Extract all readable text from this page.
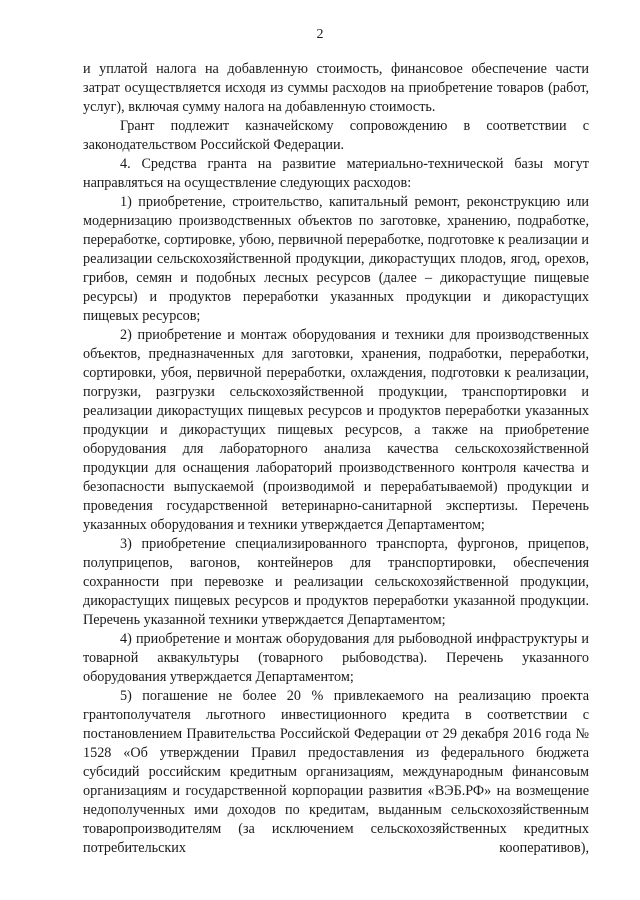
2

и уплатой налога на добавленную стоимость, финансовое обеспечение части затрат осуществляется исходя из суммы расходов на приобретение товаров (работ, услуг), включая сумму налога на добавленную стоимость.

Грант подлежит казначейскому сопровождению в соответствии с законодательством Российской Федерации.

4. Средства гранта на развитие материально-технической базы могут направляться на осуществление следующих расходов:

1) приобретение, строительство, капитальный ремонт, реконструкцию или модернизацию производственных объектов по заготовке, хранению, подработке, переработке, сортировке, убою, первичной переработке, подготовке к реализации и реализации сельскохозяйственной продукции, дикорастущих плодов, ягод, орехов, грибов, семян и подобных лесных ресурсов (далее – дикорастущие пищевые ресурсы) и продуктов переработки указанных продукции и дикорастущих пищевых ресурсов;

2) приобретение и монтаж оборудования и техники для производственных объектов, предназначенных для заготовки, хранения, подработки, переработки, сортировки, убоя, первичной переработки, охлаждения, подготовки к реализации, погрузки, разгрузки сельскохозяйственной продукции, транспортировки и реализации дикорастущих пищевых ресурсов и продуктов переработки указанных продукции и дикорастущих пищевых ресурсов, а также на приобретение оборудования для лабораторного анализа качества сельскохозяйственной продукции для оснащения лабораторий производственного контроля качества и безопасности выпускаемой (производимой и перерабатываемой) продукции и проведения государственной ветеринарно-санитарной экспертизы. Перечень указанных оборудования и техники утверждается Департаментом;

3) приобретение специализированного транспорта, фургонов, прицепов, полуприцепов, вагонов, контейнеров для транспортировки, обеспечения сохранности при перевозке и реализации сельскохозяйственной продукции, дикорастущих пищевых ресурсов и продуктов переработки указанной продукции. Перечень указанной техники утверждается Департаментом;

4) приобретение и монтаж оборудования для рыбоводной инфраструктуры и товарной аквакультуры (товарного рыбоводства). Перечень указанного оборудования утверждается Департаментом;

5) погашение не более 20 % привлекаемого на реализацию проекта грантополучателя льготного инвестиционного кредита в соответствии с постановлением Правительства Российской Федерации от 29 декабря 2016 года № 1528 «Об утверждении Правил предоставления из федерального бюджета субсидий российским кредитным организациям, международным финансовым организациям и государственной корпорации развития «ВЭБ.РФ» на возмещение недополученных ими доходов по кредитам, выданным сельскохозяйственным товаропроизводителям (за исключением сельскохозяйственных кредитных потребительских кооперативов),
